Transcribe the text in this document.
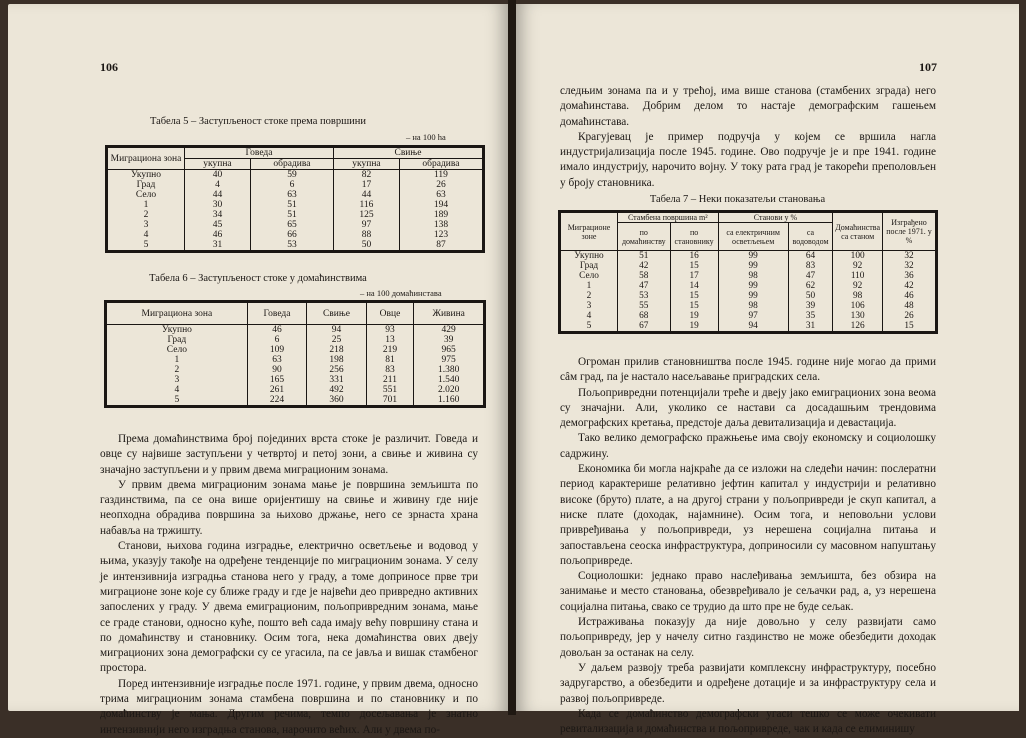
106
Табела 5 – Заступљеност стоке према површини
– на 100 ha
Миграциона зона	Говеда		Свиње	
	укупна	обрадива	укупна	обрадива
Укупно	40	59	82	119
Град	4	6	17	26
Село	44	63	44	63
1	30	51	116	194
2	34	51	125	189
3	45	65	97	138
4	46	66	88	123
5	31	53	50	87
Табела 6 – Заступљеност стоке у домаћинствима
– на 100 домаћинстава
Миграциона зона	Говеда	Свиње	Овце	Живина
Укупно	46	94	93	429
Град	6	25	13	39
Село	109	218	219	965
1	63	198	81	975
2	90	256	83	1.380
3	165	331	211	1.540
4	261	492	551	2.020
5	224	360	701	1.160

Према домаћинствима број појединих врста стоке је различит. Говеда и овце су највише заступљени у четвртој и петој зони, а свиње и живина су значајно заступљени и у првим двема миграционим зонама.

У првим двема миграционим зонама мање је површина земљишта по газдинствима, па се она више оријентишу на свиње и живину где није неопходна обрадива површина за њихово држање, него се зрнаста храна набавља на тржишту.

Станови, њихова година изградње, електрично осветљење и водовод у њима, указују такође на одређене тенденције по миграционим зонама. У селу је интензивнија изградња станова него у граду, а томе доприносе прве три миграционе зоне које су ближе граду и где је највећи део привредно активних запослених у граду. У двема емиграционим, пољопривредним зонама, мање се граде станови, односно куће, пошто већ сада имају већу површину стана и по домаћинству и становнику. Осим тога, нека домаћинства ових двеју миграционих зона демографски су се угасила, па се јавља и вишак стамбеног простора.

Поред интензивније изградње после 1971. године, у првим двема, односно трима миграционим зонама стамбена површина и по становнику и по домаћинству је мања. Другим речима, темпо досељавања је знатно интензивнији него изградња станова, нарочито већих. Али у двема по-

107

следњим зонама па и у трећој, има више станова (стамбених зграда) него домаћинстава. Добрим делом то настаје демографским гашењем домаћинстава.

Крагујевац је пример подручја у којем се вршила нагла индустријализација после 1945. године. Ово подручје је и пре 1941. године имало индустрију, нарочито војну. У току рата град је такорећи преполовљен у броју становника.

Табела 7 – Неки показатељи становања
Миграционе зоне	Стамбена површина m²		Станови у %		Домаћинства са станом	Изграђено после 1971. у %
	по домаћинству	по становнику	са електричним осветљењем	са водоводом		
Укупно	51	16	99	64	100	32
Град	42	15	99	83	92	32
Село	58	17	98	47	110	36
1	47	14	99	62	92	42
2	53	15	99	50	98	46
3	55	15	98	39	106	48
4	68	19	97	35	130	26
5	67	19	94	31	126	15

Огроман прилив становништва после 1945. године није могао да прими сâм град, па је настало насељавање приградских села.

Пољопривредни потенцијали треће и двеју јако емиграционих зона веома су значајни. Али, уколико се настави са досадашњим трендовима демографских кретања, предстоје даља девитализација и девастација.

Тако велико демографско пражњење има своју економску и социолошку садржину.

Економика би могла најкраће да се изложи на следећи начин: послератни период карактерише релативно јефтин капитал у индустрији и релативно високе (бруто) плате, а на другој страни у пољопривреди је скуп капитал, а ниске плате (доходак, најамнине). Осим тога, и неповољни услови привређивања у пољопривреди, уз нерешена социјална питања и запостављена сеоска инфраструктура, доприносили су масовном напуштању пољопривреде.

Социолошки: једнако право наслеђивања земљишта, без обзира на занимање и место становања, обезвређивало је сељачки рад, а, уз нерешена социјална питања, свако се трудио да што пре не буде сељак.

Истраживања показују да није довољно у селу развијати само пољопривреду, јер у начелу ситно газдинство не може обезбедити доходак довољан за останак на селу.

У даљем развоју треба развијати комплексну инфраструктуру, посебно задругарство, а обезбедити и одређене дотације и за инфраструктуру села и развој пољопривреде.

Када се домаћинство демографски угаси тешко се може очекивати ревитализација и домаћинства и пољопривреде, чак и када се елиминишу
